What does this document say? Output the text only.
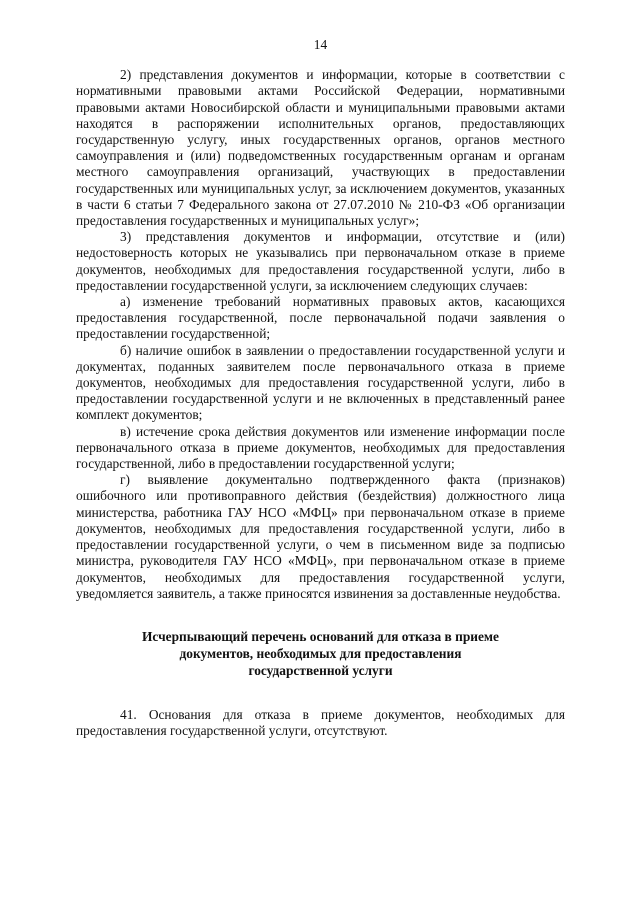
14

2) представления документов и информации, которые в соответствии с нормативными правовыми актами Российской Федерации, нормативными правовыми актами Новосибирской области и муниципальными правовыми актами находятся в распоряжении исполнительных органов, предоставляющих государственную услугу, иных государственных органов, органов местного самоуправления и (или) подведомственных государственным органам и органам местного самоуправления организаций, участвующих в предоставлении государственных или муниципальных услуг, за исключением документов, указанных в части 6 статьи 7 Федерального закона от 27.07.2010 № 210-ФЗ «Об организации предоставления государственных и муниципальных услуг»;

3) представления документов и информации, отсутствие и (или) недостоверность которых не указывались при первоначальном отказе в приеме документов, необходимых для предоставления государственной услуги, либо в предоставлении государственной услуги, за исключением следующих случаев:

а) изменение требований нормативных правовых актов, касающихся предоставления государственной, после первоначальной подачи заявления о предоставлении государственной;

б) наличие ошибок в заявлении о предоставлении государственной услуги и документах, поданных заявителем после первоначального отказа в приеме документов, необходимых для предоставления государственной услуги, либо в предоставлении государственной услуги и не включенных в представленный ранее комплект документов;

в) истечение срока действия документов или изменение информации после первоначального отказа в приеме документов, необходимых для предоставления государственной, либо в предоставлении государственной услуги;

г) выявление документально подтвержденного факта (признаков) ошибочного или противоправного действия (бездействия) должностного лица министерства, работника ГАУ НСО «МФЦ» при первоначальном отказе в приеме документов, необходимых для предоставления государственной услуги, либо в предоставлении государственной услуги, о чем в письменном виде за подписью министра, руководителя ГАУ НСО «МФЦ», при первоначальном отказе в приеме документов, необходимых для предоставления государственной услуги, уведомляется заявитель, а также приносятся извинения за доставленные неудобства.

Исчерпывающий перечень оснований для отказа в приеме
документов, необходимых для предоставления
государственной услуги

41. Основания для отказа в приеме документов, необходимых для предоставления государственной услуги, отсутствуют.
